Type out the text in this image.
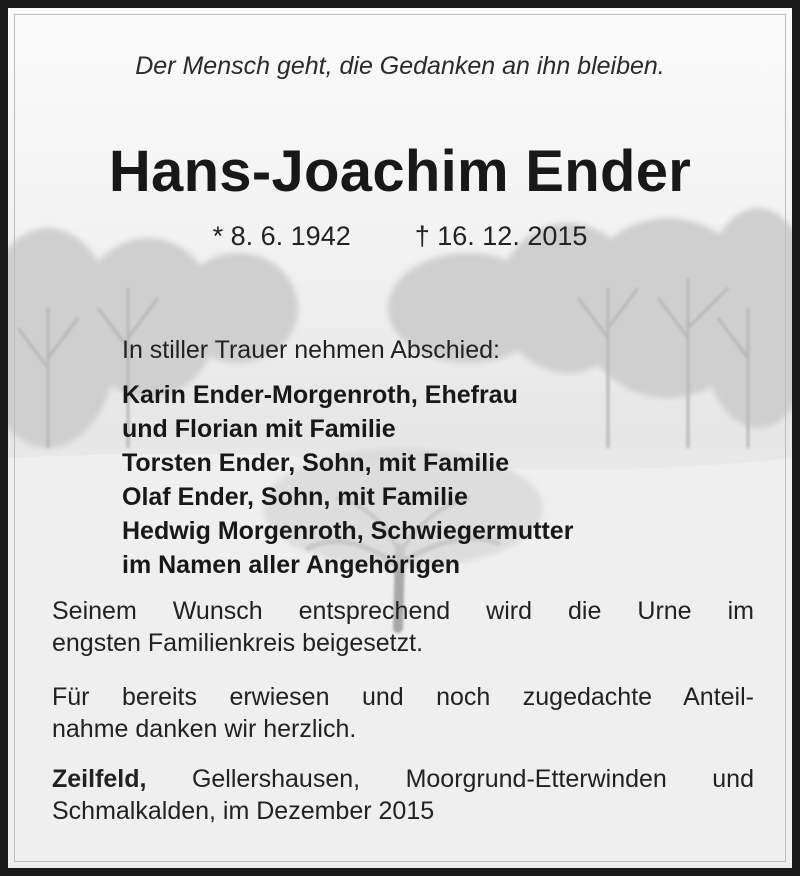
Der Mensch geht, die Gedanken an ihn bleiben.
Hans-Joachim Ender
* 8. 6. 1942 † 16. 12. 2015
In stiller Trauer nehmen Abschied:
Karin Ender-Morgenroth, Ehefrau
und Florian mit Familie
Torsten Ender, Sohn, mit Familie
Olaf Ender, Sohn, mit Familie
Hedwig Morgenroth, Schwiegermutter
im Namen aller Angehörigen
Seinem Wunsch entsprechend wird die Urne im
engsten Familienkreis beigesetzt.
Für bereits erwiesen und noch zugedachte Anteil-
nahme danken wir herzlich.
Zeilfeld, Gellershausen, Moorgrund-Etterwinden und
Schmalkalden, im Dezember 2015
